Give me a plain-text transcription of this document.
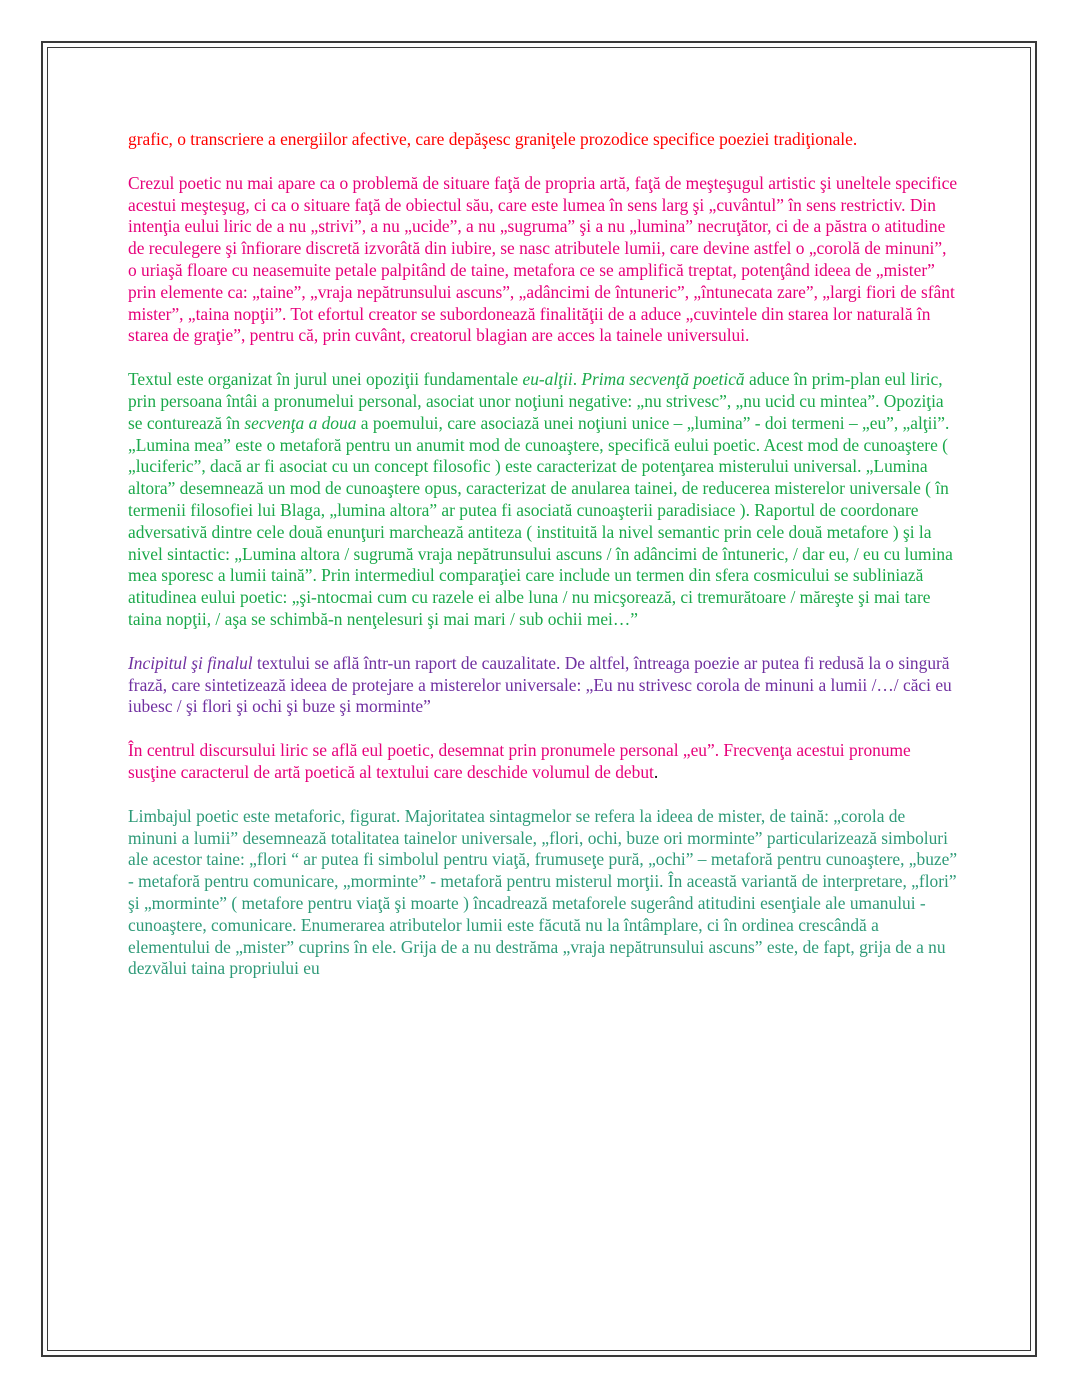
grafic, o transcriere a energiilor afective, care depăşesc graniţele prozodice specifice poeziei tradiţionale.

Crezul poetic nu mai apare ca o problemă de situare faţă de propria artă, faţă de meşteşugul artistic şi uneltele specifice acestui meşteşug, ci ca o situare faţă de obiectul său, care este lumea în sens larg şi „cuvântul” în sens restrictiv. Din intenţia eului liric de a nu „strivi”, a nu „ucide”, a nu „sugruma” şi a nu „lumina” necruţător, ci de a păstra o atitudine de reculegere şi înfiorare discretă izvorâtă din iubire, se nasc atributele lumii, care devine astfel o „corolă de minuni”, o uriaşă floare cu neasemuite petale palpitând de taine, metafora ce se amplifică treptat, potenţând ideea de „mister” prin elemente ca: „taine”, „vraja nepătrunsului ascuns”, „adâncimi de întuneric”, „întunecata zare”, „largi fiori de sfânt mister”, „taina nopţii”. Tot efortul creator se subordonează finalităţii de a aduce „cuvintele din starea lor naturală în starea de graţie”, pentru că, prin cuvânt, creatorul blagian are acces la tainele universului.

Textul este organizat în jurul unei opoziţii fundamentale eu-alţii. Prima secvenţă poetică aduce în prim-plan eul liric, prin persoana întâi a pronumelui personal, asociat unor noţiuni negative: „nu strivesc”, „nu ucid cu mintea”. Opoziţia se conturează în secvenţa a doua a poemului, care asociază unei noţiuni unice – „lumina” - doi termeni – „eu”, „alţii”. „Lumina mea” este o metaforă pentru un anumit mod de cunoaştere, specifică eului poetic. Acest mod de cunoaştere ( „luciferic”, dacă ar fi asociat cu un concept filosofic ) este caracterizat de potenţarea misterului universal. „Lumina altora” desemnează un mod de cunoaştere opus, caracterizat de anularea tainei, de reducerea misterelor universale ( în termenii filosofiei lui Blaga, „lumina altora” ar putea fi asociată cunoaşterii paradisiace ). Raportul de coordonare adversativă dintre cele două enunţuri marchează antiteza ( instituită la nivel semantic prin cele două metafore ) şi la nivel sintactic: „Lumina altora / sugrumă vraja nepătrunsului ascuns / în adâncimi de întuneric, / dar eu, / eu cu lumina mea sporesc a lumii taină”. Prin intermediul comparaţiei care include un termen din sfera cosmicului se subliniază atitudinea eului poetic: „şi-ntocmai cum cu razele ei albe luna / nu micşorează, ci tremurătoare / măreşte şi mai tare taina nopţii, / aşa se schimbă-n nenţelesuri şi mai mari / sub ochii mei…”

Incipitul şi finalul textului se află într-un raport de cauzalitate. De altfel, întreaga poezie ar putea fi redusă la o singură frază, care sintetizează ideea de protejare a misterelor universale: „Eu nu strivesc corola de minuni a lumii /…/ căci eu iubesc / şi flori şi ochi şi buze şi morminte”

În centrul discursului liric se află eul poetic, desemnat prin pronumele personal „eu”. Frecvenţa acestui pronume susţine caracterul de artă poetică al textului care deschide volumul de debut.

Limbajul poetic este metaforic, figurat. Majoritatea sintagmelor se refera la ideea de mister, de taină: „corola de minuni a lumii” desemnează totalitatea tainelor universale, „flori, ochi, buze ori morminte” particularizează simboluri ale acestor taine: „flori “ ar putea fi simbolul pentru viaţă, frumuseţe pură, „ochi” – metaforă pentru cunoaştere, „buze” - metaforă pentru comunicare, „morminte” - metaforă pentru misterul morţii. În această variantă de interpretare, „flori” şi „morminte” ( metafore pentru viaţă şi moarte ) încadrează metaforele sugerând atitudini esenţiale ale umanului - cunoaştere, comunicare. Enumerarea atributelor lumii este făcută nu la întâmplare, ci în ordinea crescândă a elementului de „mister” cuprins în ele. Grija de a nu destrăma „vraja nepătrunsului ascuns” este, de fapt, grija de a nu dezvălui taina propriului eu
